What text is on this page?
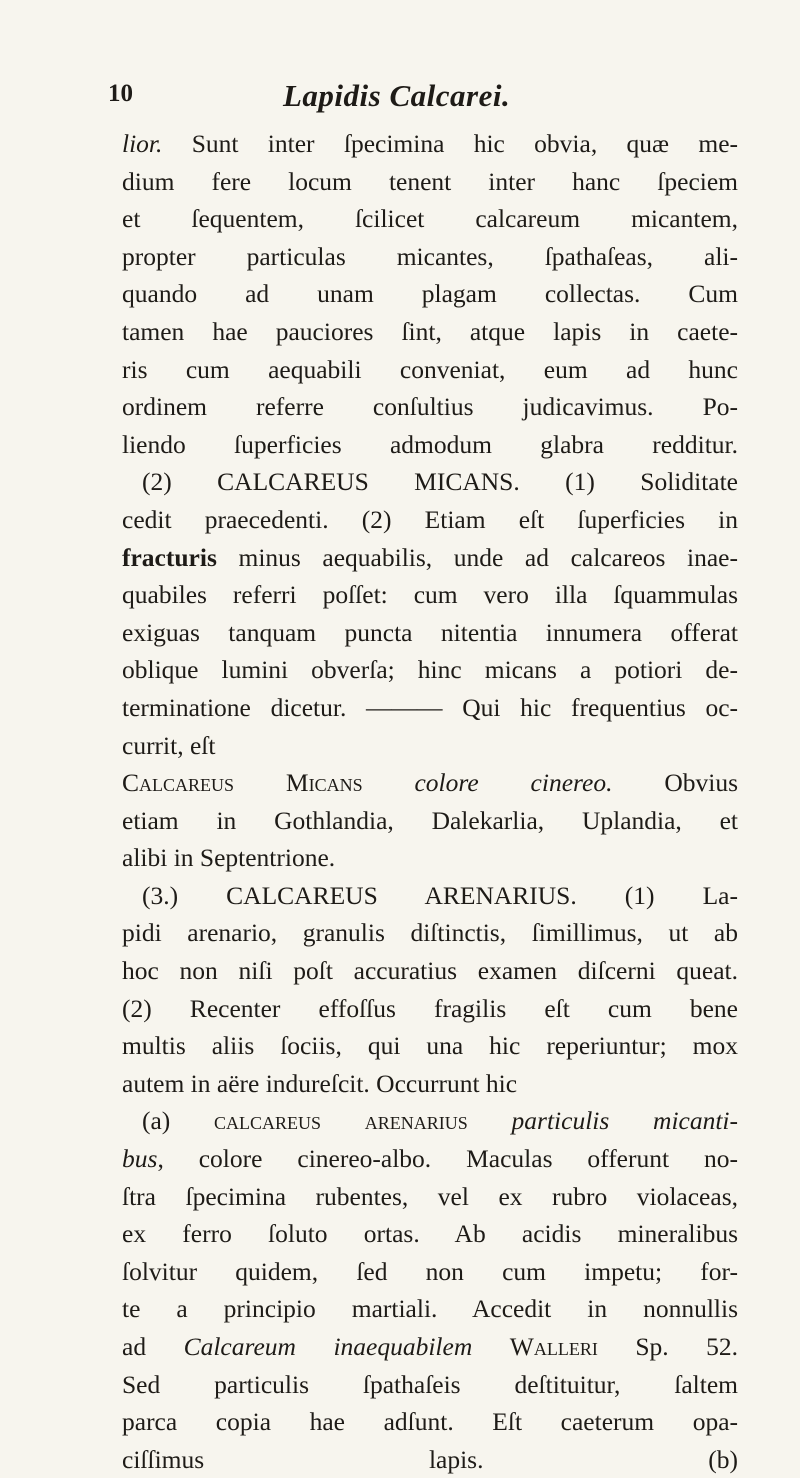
10	Lapidis Calcarei.
lior. Sunt inter ſpecimina hic obvia, quæ me-
dium fere locum tenent inter hanc ſpeciem
et ſequentem, ſcilicet calcareum micantem,
propter particulas micantes, ſpathaſeas, ali-
quando ad unam plagam collectas. Cum
tamen hae pauciores ſint, atque lapis in caete-
ris cum aequabili conveniat, eum ad hunc
ordinem referre conſultius judicavimus. Po-
liendo ſuperficies admodum glabra redditur.
(2) CALCAREUS MICANS. (1) Soliditate
cedit praecedenti. (2) Etiam eſt ſuperficies in
fracturis minus aequabilis, unde ad calcareos inae-
quabiles referri poſſet: cum vero illa ſquammulas
exiguas tanquam puncta nitentia innumera offerat
oblique lumini obverſa; hinc micans a potiori de-
terminatione dicetur. ——— Qui hic frequentius oc-
currit, eſt
Calcareus Micans colore cinereo. Obvius
etiam in Gothlandia, Dalekarlia, Uplandia, et
alibi in Septentrione.
(3.) CALCAREUS ARENARIUS. (1) La-
pidi arenario, granulis diſtinctis, ſimillimus, ut ab
hoc non niſi poſt accuratius examen diſcerni queat.
(2) Recenter effoſſus fragilis eſt cum bene
multis aliis ſociis, qui una hic reperiuntur; mox
autem in aëre indureſcit. Occurrunt hic
(a) calcareus arenarius particulis micanti-
bus, colore cinereo-albo. Maculas offerunt no-
ſtra ſpecimina rubentes, vel ex rubro violaceas,
ex ferro ſoluto ortas. Ab acidis mineralibus
ſolvitur quidem, ſed non cum impetu; for-
te a principio martiali. Accedit in nonnullis
ad Calcareum inaequabilem Walleri Sp. 52.
Sed particulis ſpathaſeis deſtituitur, ſaltem
parca copia hae adſunt. Eſt caeterum opa-
ciſſimus lapis. (b)
